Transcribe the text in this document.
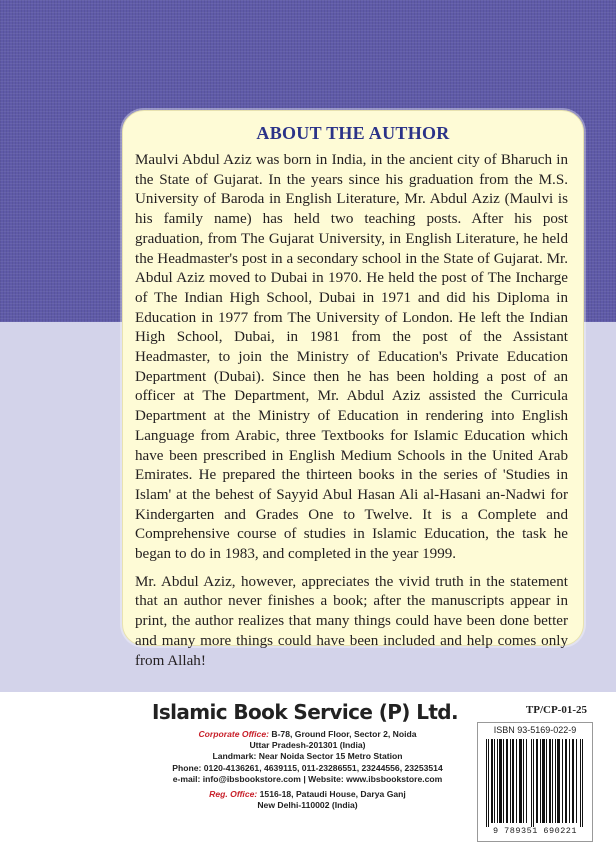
ABOUT THE AUTHOR

Maulvi Abdul Aziz was born in India, in the ancient city of Bharuch in the State of Gujarat. In the years since his graduation from the M.S. University of Baroda in English Literature, Mr. Abdul Aziz (Maulvi is his family name) has held two teaching posts. After his post graduation, from The Gujarat University, in English Literature, he held the Headmaster's post in a secondary school in the State of Gujarat. Mr. Abdul Aziz moved to Dubai in 1970. He held the post of The Incharge of The Indian High School, Dubai in 1971 and did his Diploma in Education in 1977 from The University of London. He left the Indian High School, Dubai, in 1981 from the post of the Assistant Headmaster, to join the Ministry of Education's Private Education Department (Dubai). Since then he has been holding a post of an officer at The Department, Mr. Abdul Aziz assisted the Curricula Department at the Ministry of Education in rendering into English Language from Arabic, three Textbooks for Islamic Education which have been prescribed in English Medium Schools in the United Arab Emirates. He prepared the thirteen books in the series of 'Studies in Islam' at the behest of Sayyid Abul Hasan Ali al-Hasani an-Nadwi for Kindergarten and Grades One to Twelve. It is a Complete and Comprehensive course of studies in Islamic Education, the task he began to do in 1983, and completed in the year 1999.

Mr. Abdul Aziz, however, appreciates the vivid truth in the statement that an author never finishes a book; after the manuscripts appear in print, the author realizes that many things could have been done better and many more things could have been included and help comes only from Allah!

Islamic Book Service (P) Ltd.
Corporate Office: B-78, Ground Floor, Sector 2, Noida
Uttar Pradesh-201301 (India)
Landmark: Near Noida Sector 15 Metro Station
Phone: 0120-4136261, 4639115, 011-23286551, 23244556, 23253514
e-mail: info@ibsbookstore.com | Website: www.ibsbookstore.com
Reg. Office: 1516-18, Pataudi House, Darya Ganj
New Delhi-110002 (India)
TP/CP-01-25
ISBN 93-5169-022-9
9 789351 690221
